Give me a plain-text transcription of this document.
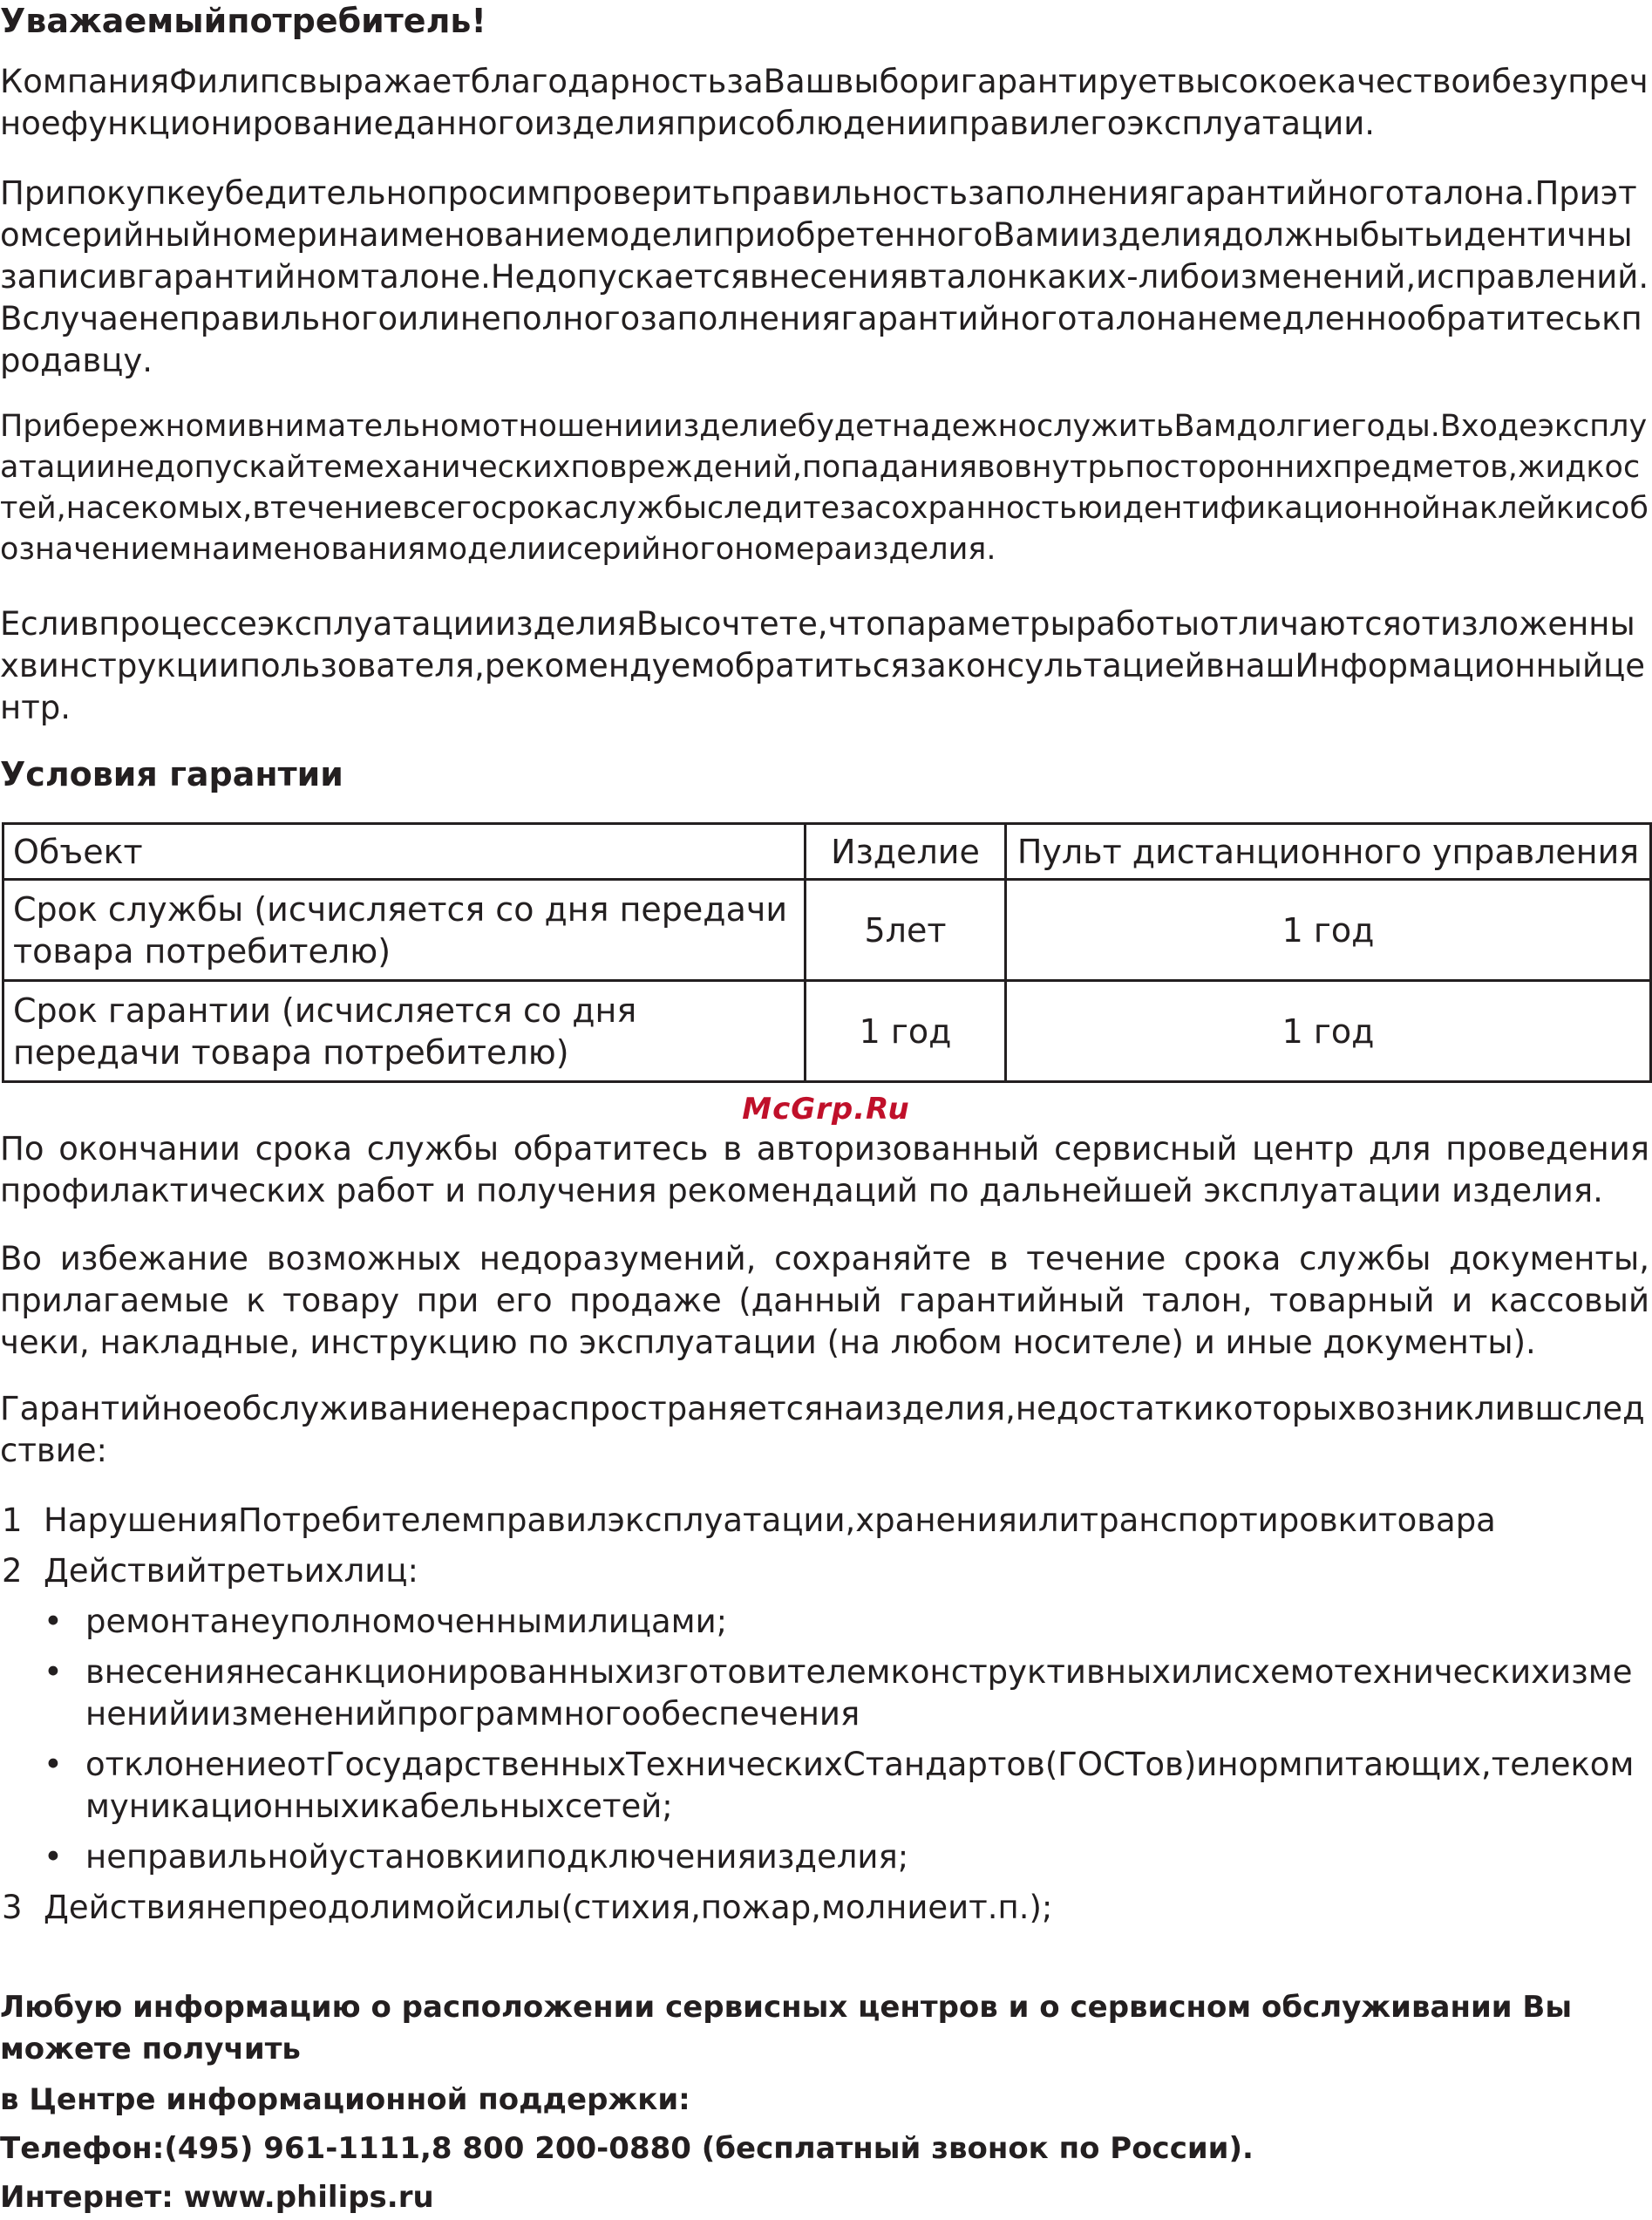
Уважаемыйпотребитель!
КомпанияФилипсвыражаетблагодарностьзаВашвыборигарантируетвысокоекачествоибезупречноефункционированиеданногоизделияприсоблюденииправилегоэксплуатации.
Припокупкеубедительнопросимпроверитьправильностьзаполнениягарантийноготалона.ПриэтомсерийныйномеринаименованиемоделиприобретенногоВамиизделиядолжныбытьидентичнызаписивгарантийномталоне.Недопускаетсявнесениявталонкаких-либоизменений,исправлений.Вслучаенеправильногоилинеполногозаполнениягарантийноготалонанемедленнообратитеськпродавцу.
ПрибережномивнимательномотношенииизделиебудетнадежнослужитьВамдолгиегоды.Входеэксплуатациинедопускайтемеханическихповреждений,попаданиявовнутрьпостороннихпредметов,жидкостей,насекомых,втечениевсегосрокаслужбыследитезасохранностьюидентификационнойнаклейкисобозначениемнаименованиямоделиисерийногономераизделия.
ЕсливпроцессеэксплуатацииизделияВысочтете,чтопараметрыработыотличаютсяотизложенныхвинструкциипользователя,рекомендуемобратитьсязаконсультациейвнашИнформационныйцентр.
Условия гарантии
Объект	Изделие	Пульт дистанционного управления
Срок службы (исчисляется со дня передачи товара потребителю)	5лет	1 год
Срок гарантии (исчисляется со дня передачи товара потребителю)	1 год	1 год
McGrp.Ru
По окончании срока службы обратитесь в авторизованный сервисный центр для проведения профилактических работ и получения рекомендаций по дальнейшей эксплуатации изделия.
Во избежание возможных недоразумений, сохраняйте в течение срока службы документы, прилагаемые к товару при его продаже (данный гарантийный талон, товарный и кассовый чеки, накладные, инструкцию по эксплуатации (на любом носителе) и иные документы).
Гарантийноеобслуживаниенераспространяетсянаизделия,недостаткикоторыхвозниклившследствие:
1 НарушенияПотребителемправилэксплуатации,храненияилитранспортировкитовара
2 Действийтретьихлиц:
• ремонтанеуполномоченнымилицами;
• внесениянесанкционированныхизготовителемконструктивныхилисхемотехническихизмененийиизмененийпрограммногообеспечения
• отклонениеотГосударственныхТехническихСтандартов(ГОСТов)инормпитающих,телекоммуникационныхикабельныхсетей;
• неправильнойустановкииподключенияизделия;
3 Действиянепреодолимойсилы(стихия,пожар,молниеит.п.);
Любую информацию о расположении сервисных центров и о сервисном обслуживании Вы можете получить
в Центре информационной поддержки:
Телефон:(495) 961-1111,8 800 200-0880 (бесплатный звонок по России).
Интернет: www.philips.ru
